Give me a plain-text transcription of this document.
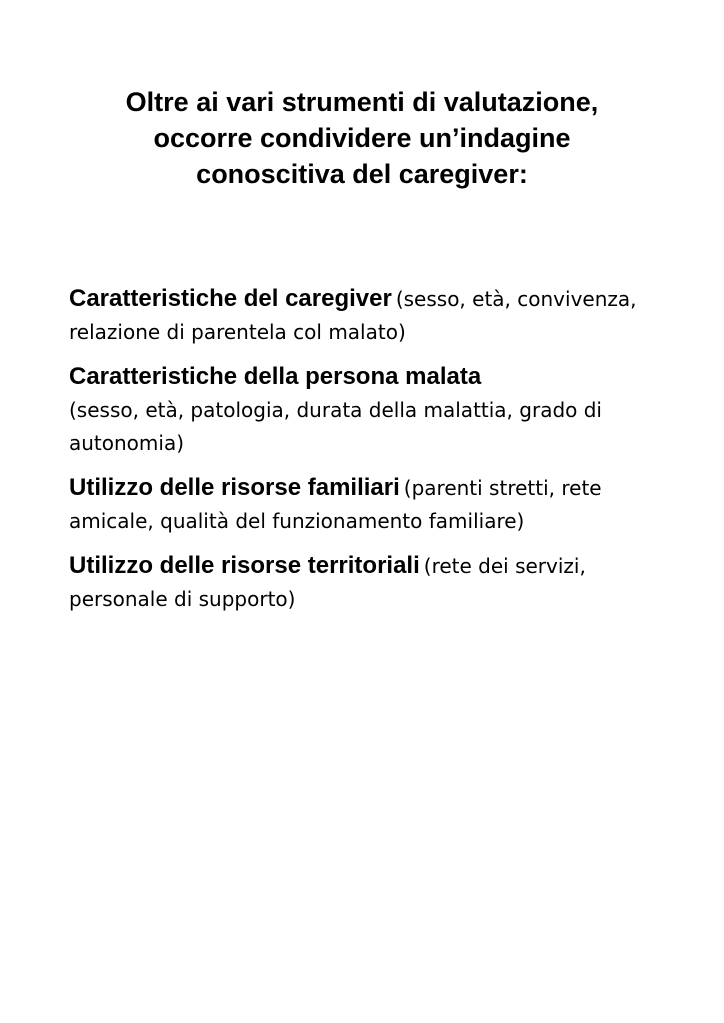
Oltre ai vari strumenti di valutazione,
occorre condividere un’indagine
conoscitiva del caregiver:
Caratteristiche del caregiver (sesso, età, convivenza, relazione di parentela col malato)
Caratteristiche della persona malata
(sesso, età, patologia, durata della malattia, grado di autonomia)
Utilizzo delle risorse familiari (parenti stretti, rete amicale, qualità del funzionamento familiare)
Utilizzo delle risorse territoriali (rete dei servizi, personale di supporto)
